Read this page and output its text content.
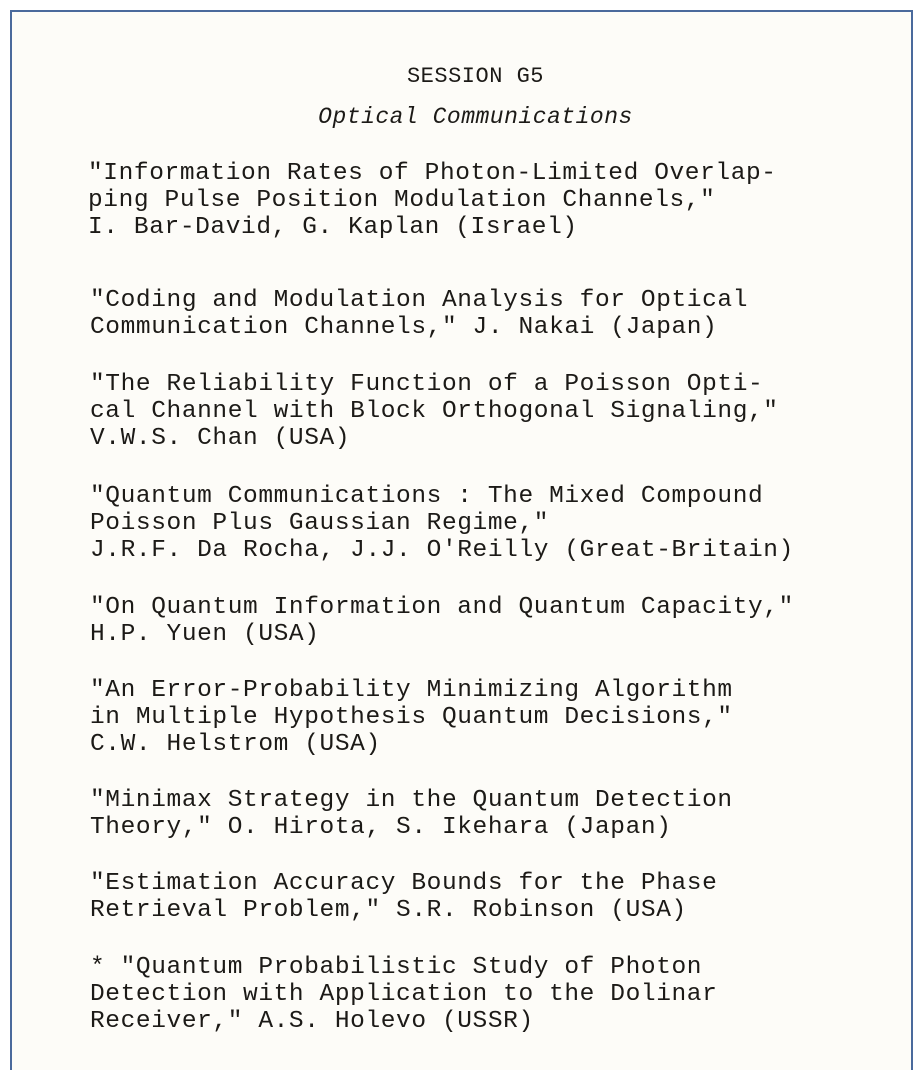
SESSION G5
Optical Communications
"Information Rates of Photon-Limited Overlap-
ping Pulse Position Modulation Channels,"
I. Bar-David, G. Kaplan (Israel)
"Coding and Modulation Analysis for Optical
Communication Channels," J. Nakai (Japan)
"The Reliability Function of a Poisson Opti-
cal Channel with Block Orthogonal Signaling,"
V.W.S. Chan (USA)
"Quantum Communications : The Mixed Compound
Poisson Plus Gaussian Regime,"
J.R.F. Da Rocha, J.J. O'Reilly (Great-Britain)
"On Quantum Information and Quantum Capacity,"
H.P. Yuen (USA)
"An Error-Probability Minimizing Algorithm
in Multiple Hypothesis Quantum Decisions,"
C.W. Helstrom (USA)
"Minimax Strategy in the Quantum Detection
Theory," O. Hirota, S. Ikehara (Japan)
"Estimation Accuracy Bounds for the Phase
Retrieval Problem," S.R. Robinson (USA)
* "Quantum Probabilistic Study of Photon
Detection with Application to the Dolinar
Receiver," A.S. Holevo (USSR)
